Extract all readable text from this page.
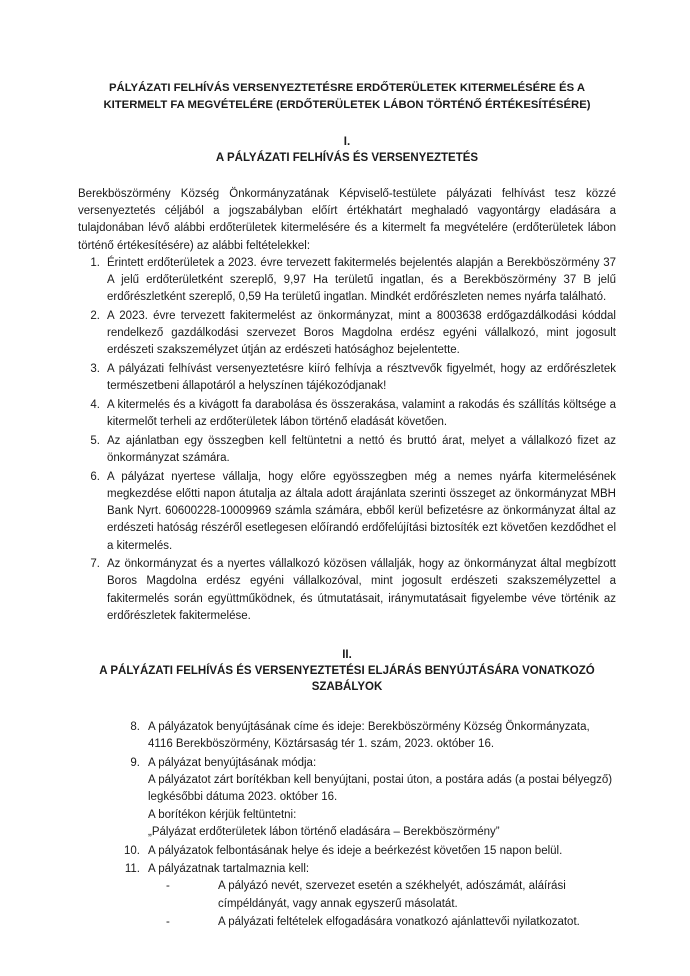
PÁLYÁZATI FELHÍVÁS VERSENYEZTETÉSRE ERDŐTERÜLETEK KITERMELÉSÉRE ÉS A KITERMELT FA MEGVÉTELÉRE (ERDŐTERÜLETEK LÁBON TÖRTÉNŐ ÉRTÉKESÍTÉSÉRE)

I.

A PÁLYÁZATI FELHÍVÁS ÉS VERSENYEZTETÉS

Berekböszörmény Község Önkormányzatának Képviselő-testülete pályázati felhívást tesz közzé versenyeztetés céljából a jogszabályban előírt értékhatárt meghaladó vagyontárgy eladására a tulajdonában lévő alábbi erdőterületek kitermelésére és a kitermelt fa megvételére (erdőterületek lábon történő értékesítésére) az alábbi feltételekkel:

1. Érintett erdőterületek a 2023. évre tervezett fakitermelés bejelentés alapján a Berekböszörmény 37 A jelű erdőterületként szereplő, 9,97 Ha területű ingatlan, és a Berekböszörmény 37 B jelű erdőrészletként szereplő, 0,59 Ha területű ingatlan. Mindkét erdőrészleten nemes nyárfa található.
2. A 2023. évre tervezett fakitermelést az önkormányzat, mint a 8003638 erdőgazdálkodási kóddal rendelkező gazdálkodási szervezet Boros Magdolna erdész egyéni vállalkozó, mint jogosult erdészeti szakszemélyzet útján az erdészeti hatósághoz bejelentette.
3. A pályázati felhívást versenyeztetésre kiíró felhívja a résztvevők figyelmét, hogy az erdőrészletek természetbeni állapotáról a helyszínen tájékozódjanak!
4. A kitermelés és a kivágott fa darabolása és összerakása, valamint a rakodás és szállítás költsége a kitermelőt terheli az erdőterületek lábon történő eladását követően.
5. Az ajánlatban egy összegben kell feltüntetni a nettó és bruttó árat, melyet a vállalkozó fizet az önkormányzat számára.
6. A pályázat nyertese vállalja, hogy előre egyösszegben még a nemes nyárfa kitermelésének megkezdése előtti napon átutalja az általa adott árajánlata szerinti összeget az önkormányzat MBH Bank Nyrt. 60600228-10009969 számla számára, ebből kerül befizetésre az önkormányzat által az erdészeti hatóság részéről esetlegesen előírandó erdőfelújítási biztosíték ezt követően kezdődhet el a kitermelés.
7. Az önkormányzat és a nyertes vállalkozó közösen vállalják, hogy az önkormányzat által megbízott Boros Magdolna erdész egyéni vállalkozóval, mint jogosult erdészeti szakszemélyzettel a fakitermelés során együttműködnek, és útmutatásait, iránymutatásait figyelembe véve történik az erdőrészletek fakitermelése.

II.

A PÁLYÁZATI FELHÍVÁS ÉS VERSENYEZTETÉSI ELJÁRÁS BENYÚJTÁSÁRA VONATKOZÓ SZABÁLYOK

8. A pályázatok benyújtásának címe és ideje: Berekböszörmény Község Önkormányzata, 4116 Berekböszörmény, Köztársaság tér 1. szám, 2023. október 16.
9. A pályázat benyújtásának módja:
A pályázatot zárt borítékban kell benyújtani, postai úton, a postára adás (a postai bélyegző) legkésőbbi dátuma 2023. október 16.
A borítékon kérjük feltüntetni:
„Pályázat erdőterületek lábon történő eladására – Berekböszörmény”
10. A pályázatok felbontásának helye és ideje a beérkezést követően 15 napon belül.
11. A pályázatnak tartalmaznia kell:
-	A pályázó nevét, szervezet esetén a székhelyét, adószámát, aláírási címpéldányát, vagy annak egyszerű másolatát.
-	A pályázati feltételek elfogadására vonatkozó ajánlattevői nyilatkozatot.
